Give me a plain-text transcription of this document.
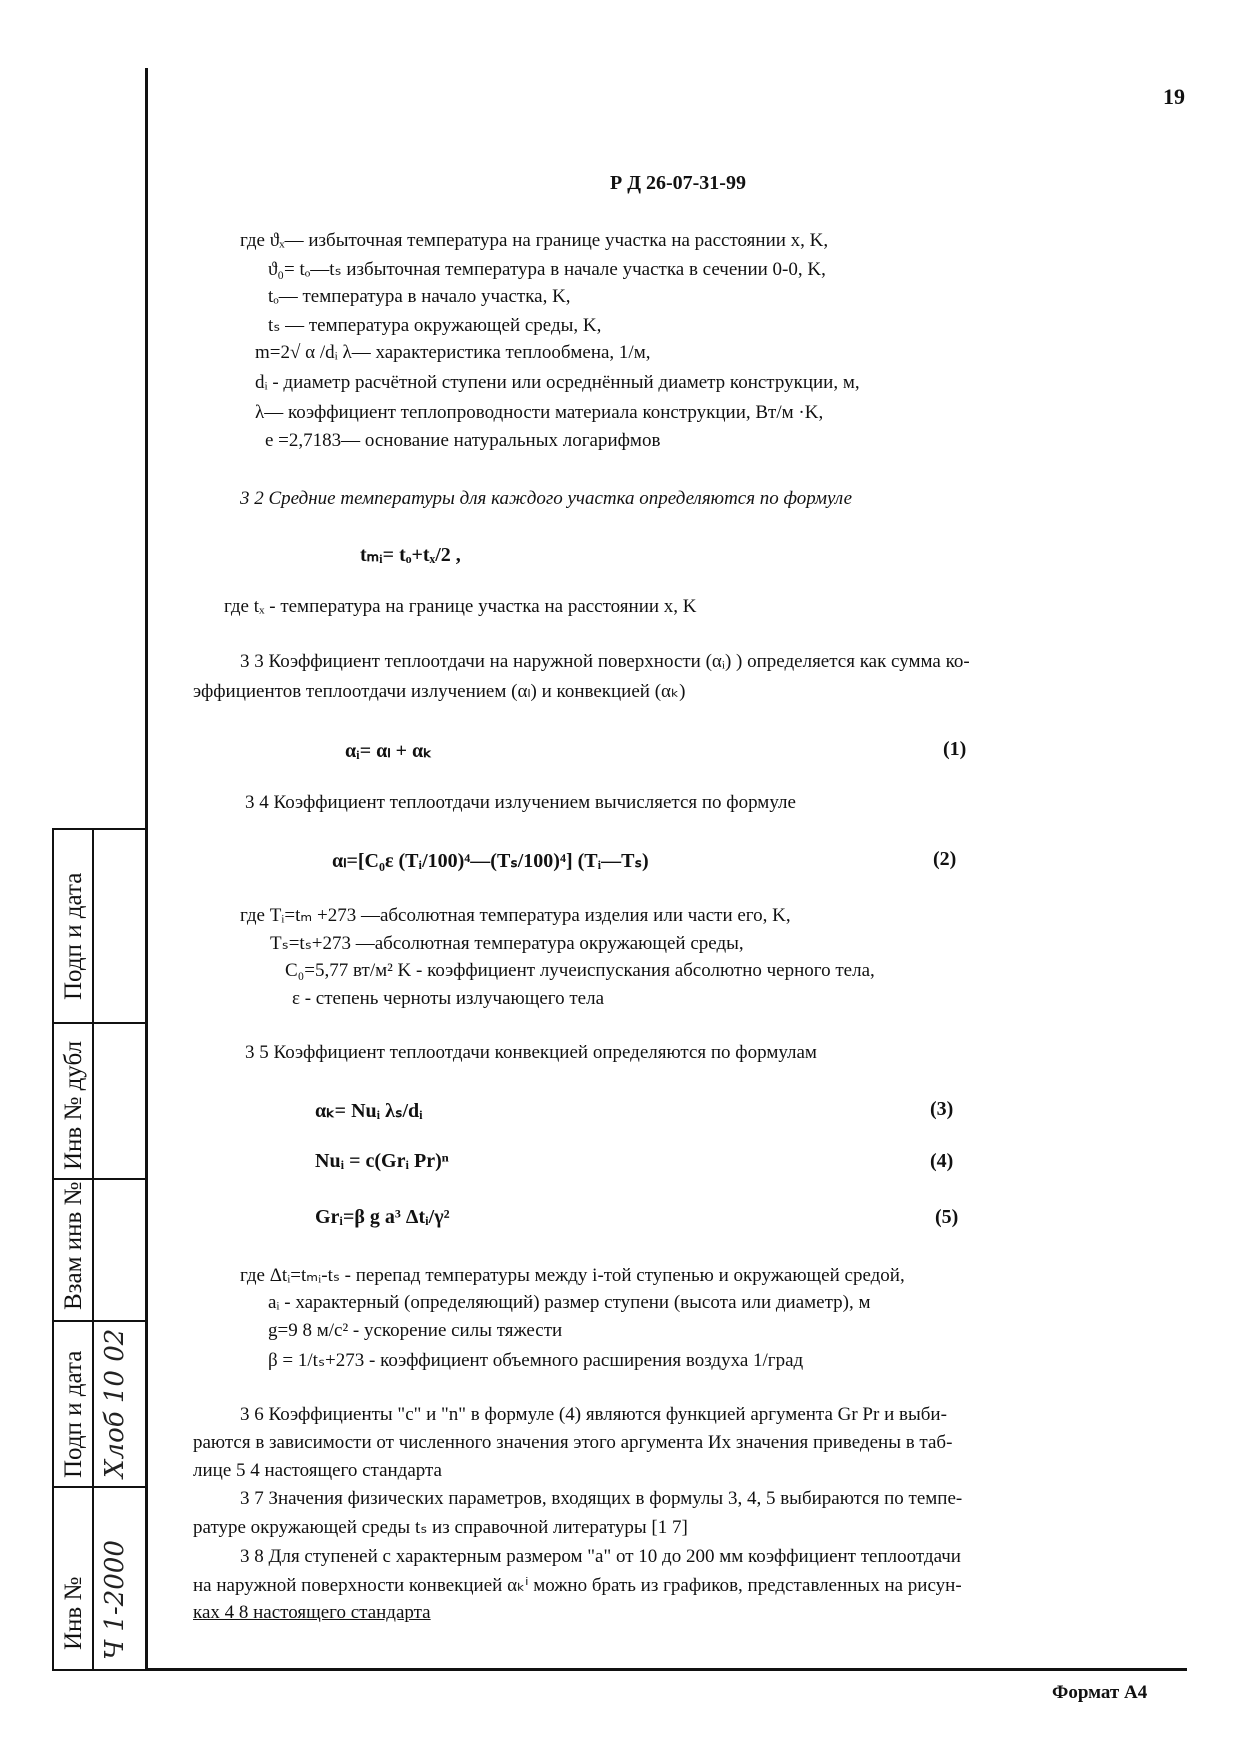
19
Р Д 26-07-31-99
где ϑₓ— избыточная температура на границе участка на расстоянии x, K,
ϑ₀= tₒ—tₛ избыточная температура в начале участка в сечении 0-0, K,
tₒ— температура в начало участка, K,
tₛ — температура окружающей среды, K,
m=2√ α /dᵢ λ— характеристика теплообмена, 1/м,
dᵢ - диаметр расчётной ступени или осреднённый диаметр конструкции, м,
λ— коэффициент теплопроводности материала конструкции, Вт/м ·K,
e =2,7183— основание натуральных логарифмов
3 2 Средние температуры для каждого участка определяются по формуле
tₘᵢ= tₒ+tₓ/2 ,
где tₓ - температура на границе участка на расстоянии x, K
3 3 Коэффициент теплоотдачи на наружной поверхности (αᵢ) ) определяется как сумма ко-
эффициентов теплоотдачи излучением (αₗ) и конвекцией (αₖ)
αᵢ= αₗ + αₖ	(1)
3 4 Коэффициент теплоотдачи излучением вычисляется по формуле
αₗ=[C₀ε (Tᵢ/100)⁴—(Tₛ/100)⁴] (Tᵢ—Tₛ)	(2)
где Tᵢ=tₘ +273 —абсолютная температура изделия или части его, K,
Tₛ=tₛ+273 —абсолютная температура окружающей среды,
C₀=5,77 вт/м² K - коэффициент лучеиспускания абсолютно черного тела,
ε - степень черноты излучающего тела
3 5 Коэффициент теплоотдачи конвекцией определяются по формулам
αₖ= Nuᵢ λₛ/dᵢ	(3)
Nuᵢ = c(Grᵢ Pr)ⁿ	(4)
Grᵢ=β g a³ Δtᵢ/γ²	(5)
где Δtᵢ=tₘᵢ-tₛ - перепад температуры между i-той ступенью и окружающей средой,
aᵢ - характерный (определяющий) размер ступени (высота или диаметр), м
g=9 8 м/с² - ускорение силы тяжести
β = 1/tₛ+273 - коэффициент объемного расширения воздуха 1/град
3 6 Коэффициенты "c" и "n" в формуле (4) являются функцией аргумента Gr Pr и выби-
раются в зависимости от численного значения этого аргумента Их значения приведены в таб-
лице 5 4 настоящего стандарта
3 7 Значения физических параметров, входящих в формулы 3, 4, 5 выбираются по темпе-
ратуре окружающей среды tₛ из справочной литературы [1 7]
3 8 Для ступеней с характерным размером "a" от 10 до 200 мм коэффициент теплоотдачи
на наружной поверхности конвекцией αₖⁱ можно брать из графиков, представленных на рисун-
ках 4 8 настоящего стандарта
Формат А4
Подп и дата
Инв № дубл
Взам инв №
Подп и дата
Инв №
Хлоб 10 02
Ч 1-2000
